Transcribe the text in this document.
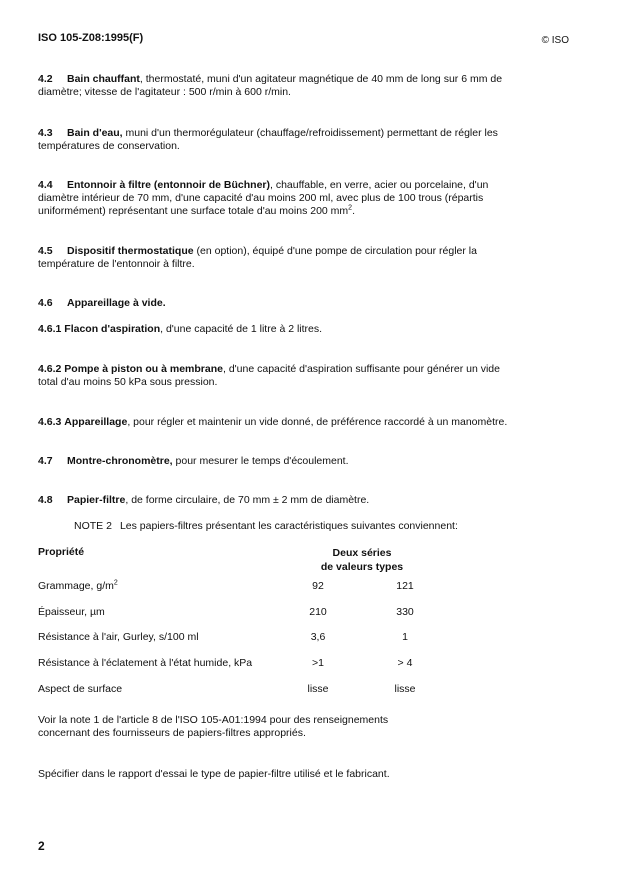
ISO 105-Z08:1995(F)	© ISO
4.2 Bain chauffant, thermostaté, muni d'un agitateur magnétique de 40 mm de long sur 6 mm de
diamètre; vitesse de l'agitateur : 500 r/min à 600 r/min.
4.3 Bain d'eau, muni d'un thermorégulateur (chauffage/refroidissement) permettant de régler les
températures de conservation.
4.4 Entonnoir à filtre (entonnoir de Büchner), chauffable, en verre, acier ou porcelaine, d'un
diamètre intérieur de 70 mm, d'une capacité d'au moins 200 ml, avec plus de 100 trous (répartis
uniformément) représentant une surface totale d'au moins 200 $mm^2$.
4.5 Dispositif thermostatique (en option), équipé d'une pompe de circulation pour régler la
température de l'entonnoir à filtre.
4.6 Appareillage à vide.
4.6.1 Flacon d'aspiration, d'une capacité de 1 litre à 2 litres.
4.6.2 Pompe à piston ou à membrane, d'une capacité d'aspiration suffisante pour générer un vide
total d'au moins 50 kPa sous pression.
4.6.3 Appareillage, pour régler et maintenir un vide donné, de préférence raccordé à un manomètre.
4.7 Montre-chronomètre, pour mesurer le temps d'écoulement.
4.8 Papier-filtre, de forme circulaire, de 70 mm ± 2 mm de diamètre.
NOTE 2 Les papiers-filtres présentant les caractéristiques suivantes conviennent:
Propriété	Deux séries
de valeurs types
Grammage, $g/m^2$	92	121
Épaisseur, µm	210	330
Résistance à l'air, Gurley, s/100 ml	3,6	1
Résistance à l'éclatement à l'état humide, kPa	>1	> 4
Aspect de surface	lisse	lisse
Voir la note 1 de l'article 8 de l'ISO 105-A01:1994 pour des renseignements
concernant des fournisseurs de papiers-filtres appropriés.
Spécifier dans le rapport d'essai le type de papier-filtre utilisé et le fabricant.
2
